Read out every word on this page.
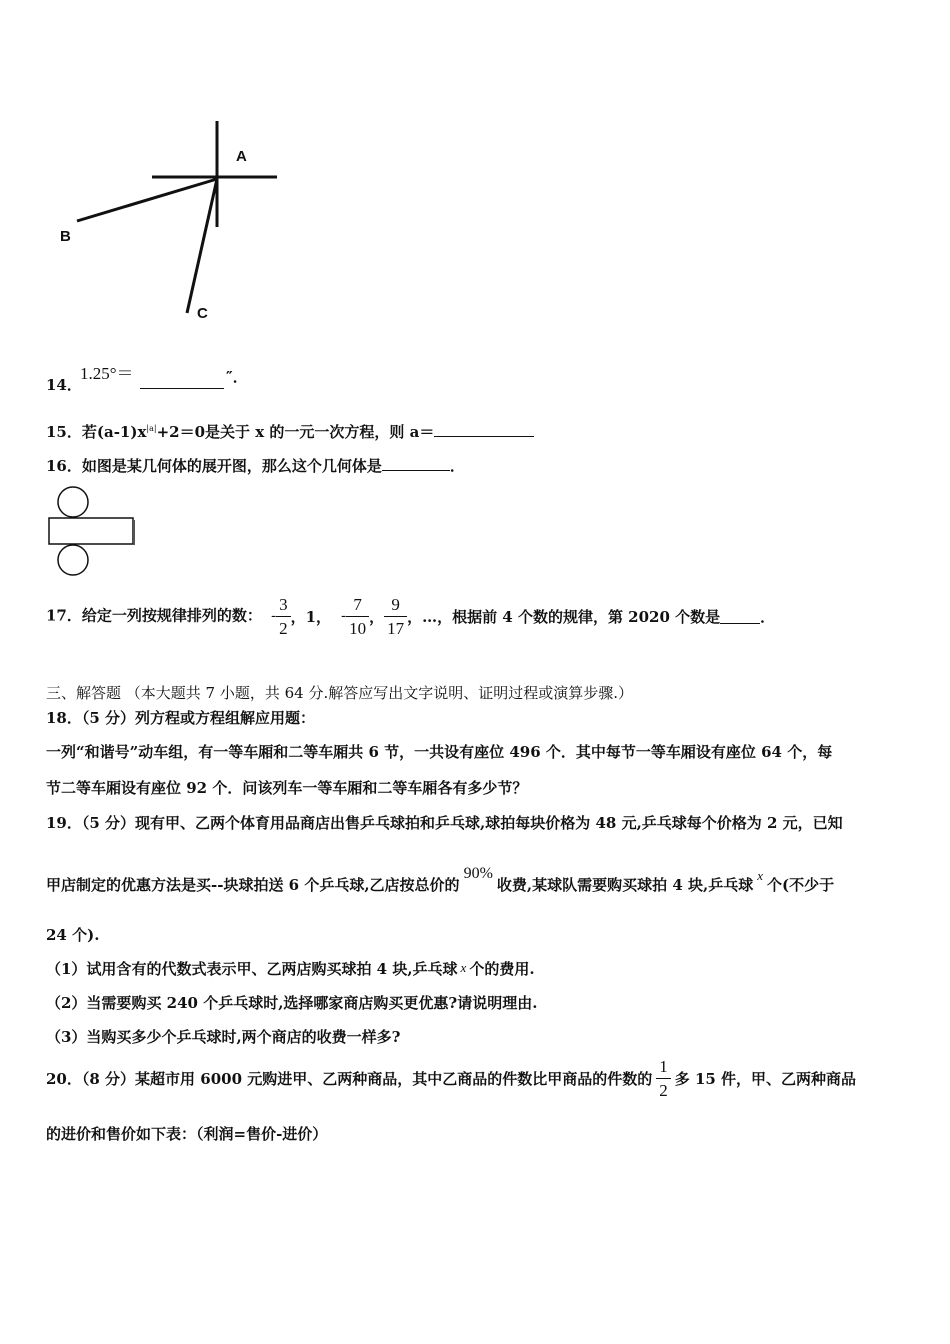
A
B
C
14．
1.25°＝	″．
15．若$(a-1)x^{|a|}+2=0$是关于 x 的一元一次方程，则 a＝
16．如图是某几何体的展开图，那么这个几何体是	．
17．给定一列按规律排列的数： - $\frac{3}{2}$ ，1， - $\frac{7}{10}$ ， $\frac{9}{17}$ ，…，根据前 4 个数的规律，第 2020 个数是	．
三、解答题 （本大题共 7 小题，共 64 分.解答应写出文字说明、证明过程或演算步骤.）
18．（5 分）列方程或方程组解应用题：
一列“和谐号”动车组，有一等车厢和二等车厢共 6 节，一共设有座位 496 个．其中每节一等车厢设有座位 64 个，每
节二等车厢设有座位 92 个．问该列车一等车厢和二等车厢各有多少节？
19．（5 分）现有甲、乙两个体育用品商店出售乒乓球拍和乒乓球,球拍每块价格为 48 元,乒乓球每个价格为 2 元，已知
甲店制定的优惠方法是买--块球拍送 6 个乒乓球,乙店按总价的90%收费,某球队需要购买球拍 4 块,乒乓球x个(不少于
24 个).
（1）试用含有的代数式表示甲、乙两店购买球拍 4 块,乒乓球 x 个的费用.
（2）当需要购买 240 个乒乓球时,选择哪家商店购买更优惠?请说明理由.
（3）当购买多少个乒乓球时,两个商店的收费一样多?
20．（8 分）某超市用 6000 元购进甲、乙两种商品，其中乙商品的件数比甲商品的件数的 $\frac{1}{2}$ 多 15 件，甲、乙两种商品
的进价和售价如下表：（利润=售价-进价）
